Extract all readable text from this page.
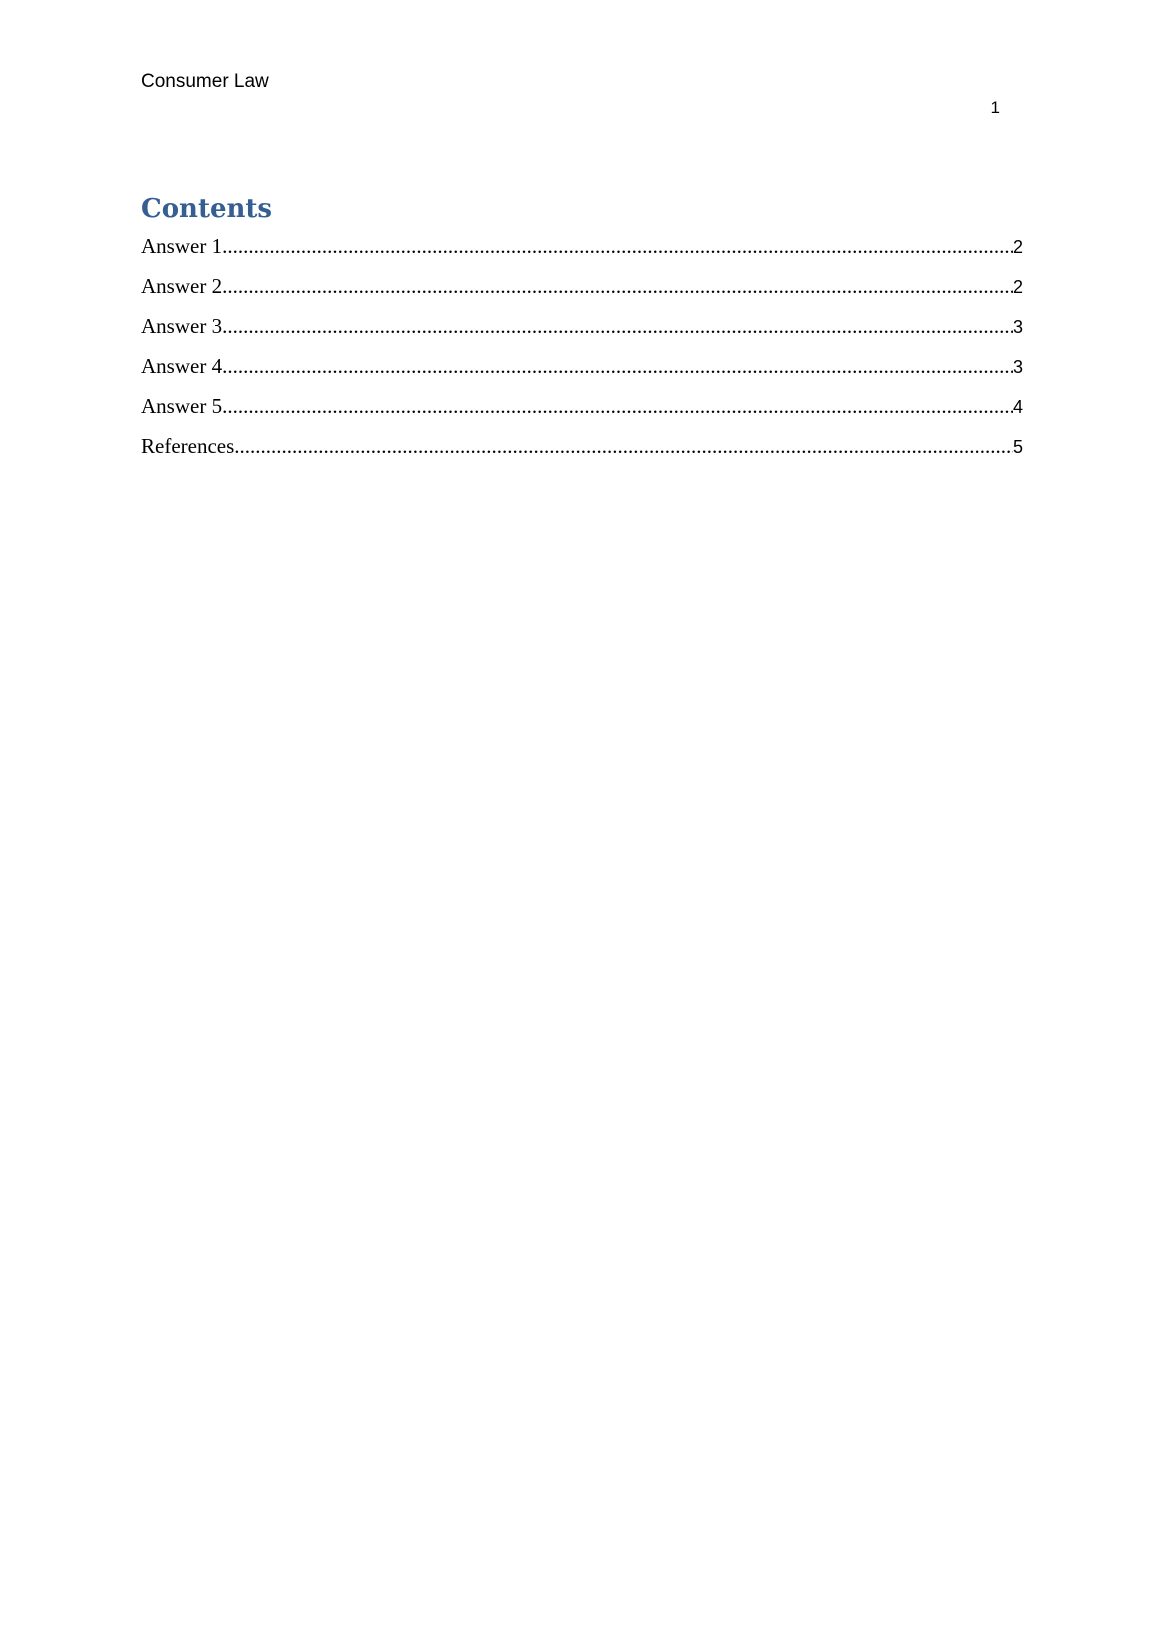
Consumer Law
1
Contents
Answer 1 .....	2
Answer 2 .....	2
Answer 3 .....	3
Answer 4 .....	3
Answer 5 .....	4
References .....	5
